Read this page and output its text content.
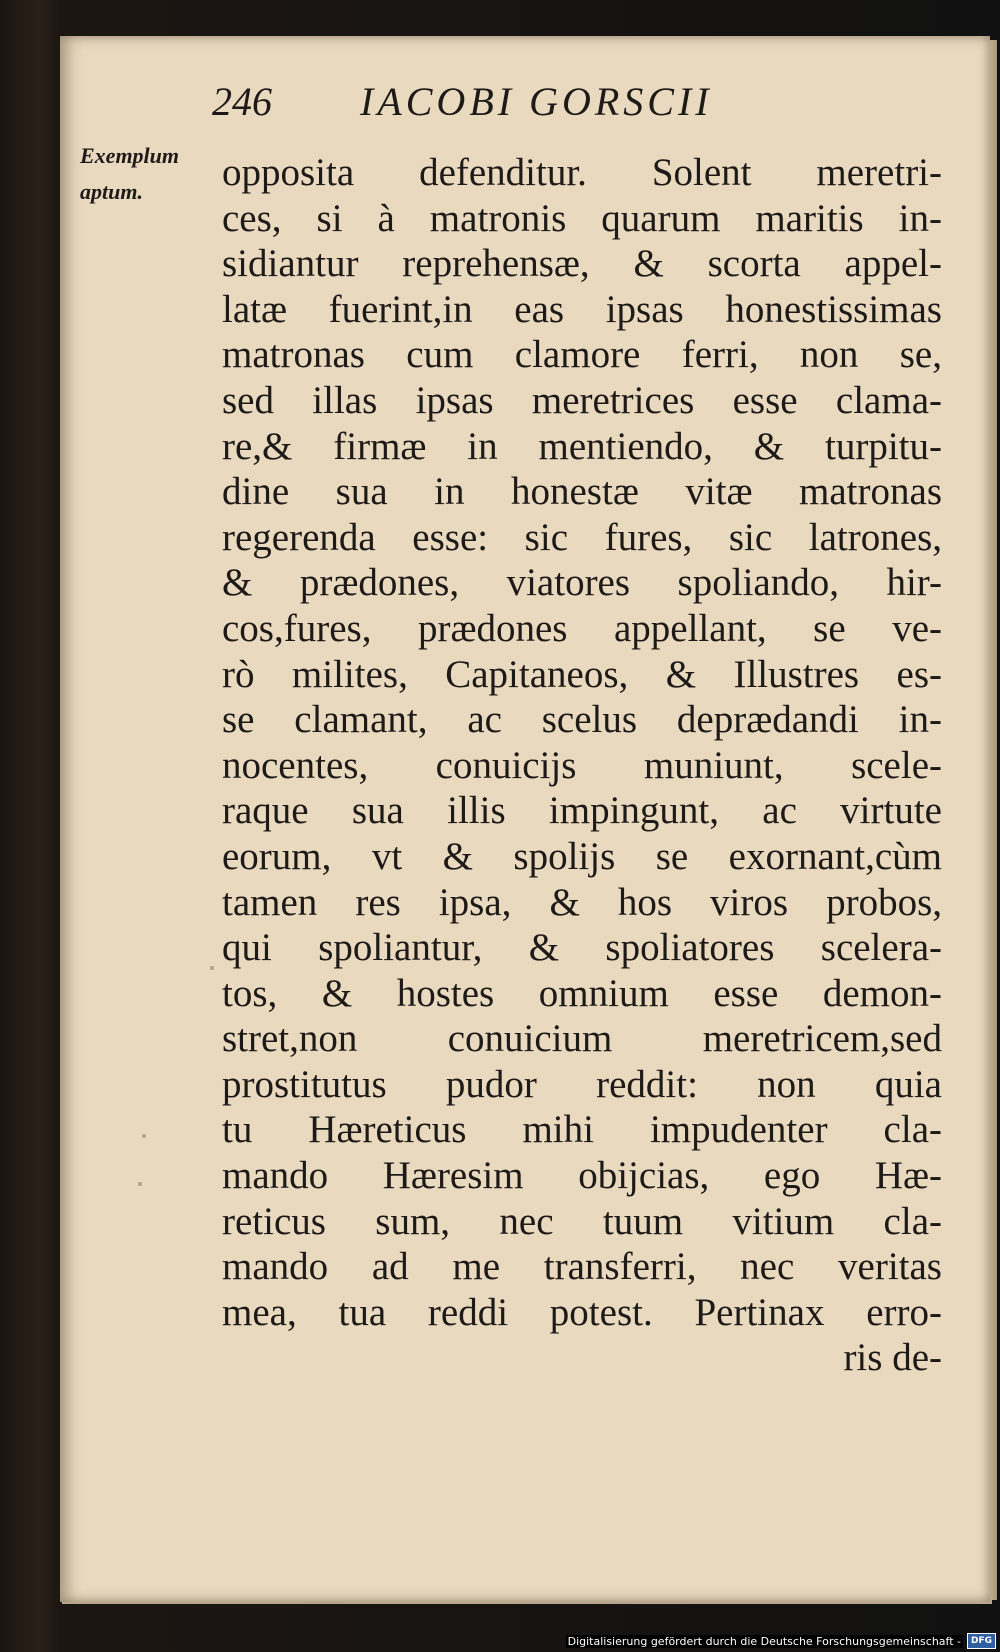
246 IACOBI GORSCII
Exemplum
aptum.	opposita defenditur. Solent meretri-
ces, si à matronis quarum maritis in-
sidiantur reprehensæ, & scorta appel-
latæ fuerint,in eas ipsas honestissimas
matronas cum clamore ferri, non se,
sed illas ipsas meretrices esse clama-
re,& firmæ in mentiendo, & turpitu-
dine sua in honestæ vitæ matronas
regerenda esse: sic fures, sic latrones,
& prædones, viatores spoliando, hir-
cos,fures, prædones appellant, se ve-
rò milites, Capitaneos, & Illustres es-
se clamant, ac scelus deprædandi in-
nocentes, conuicijs muniunt, scele-
raque sua illis impingunt, ac virtute
eorum, vt & spolijs se exornant,cùm
tamen res ipsa, & hos viros probos,
qui spoliantur, & spoliatores scelera-
tos, & hostes omnium esse demon-
stret,non conuicium meretricem,sed
prostitutus pudor reddit: non quia
tu Hæreticus mihi impudenter cla-
mando Hæresim obijcias, ego Hæ-
reticus sum, nec tuum vitium cla-
mando ad me transferri, nec veritas
mea, tua reddi potest. Pertinax erro-
ris de-
Digitalisierung gefördert durch die Deutsche Forschungsgemeinschaft -	DFG
